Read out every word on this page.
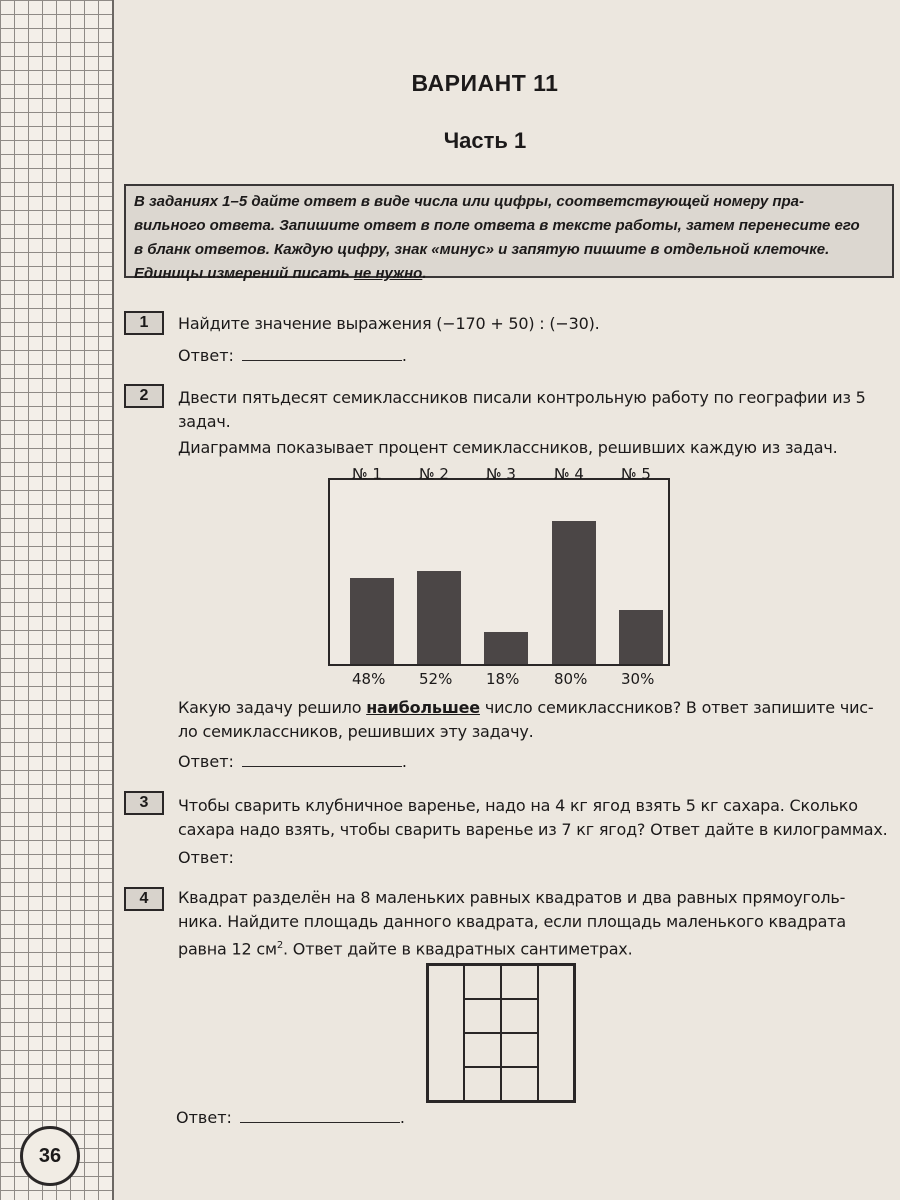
36
ВАРИАНТ 11
Часть 1
В заданиях 1–5 дайте ответ в виде числа или цифры, соответствующей номеру пра-
вильного ответа. Запишите ответ в поле ответа в тексте работы, затем перенесите его
в бланк ответов. Каждую цифру, знак «минус» и запятую пишите в отдельной клеточке.
Единицы измерений писать не нужно.
1	Найдите значение выражения (−170 + 50) : (−30).
Ответ:	.
2	Двести пятьдесят семиклассников писали контрольную работу по географии из 5
задач.
Диаграмма показывает процент семиклассников, решивших каждую из задач.
№ 1
48%
№ 2
52%
№ 3
18%
№ 4
80%
№ 5
30%
Какую задачу решило наибольшее число семиклассников? В ответ запишите чис-
ло семиклассников, решивших эту задачу.
Ответ:	.
3	Чтобы сварить клубничное варенье, надо на 4 кг ягод взять 5 кг сахара. Сколько
сахара надо взять, чтобы сварить варенье из 7 кг ягод? Ответ дайте в килограммах.
Ответ:
4	Квадрат разделён на 8 маленьких равных квадратов и два равных прямоуголь-
ника. Найдите площадь данного квадрата, если площадь маленького квадрата
равна 12 $см^2$. Ответ дайте в квадратных сантиметрах.
Ответ:	.
